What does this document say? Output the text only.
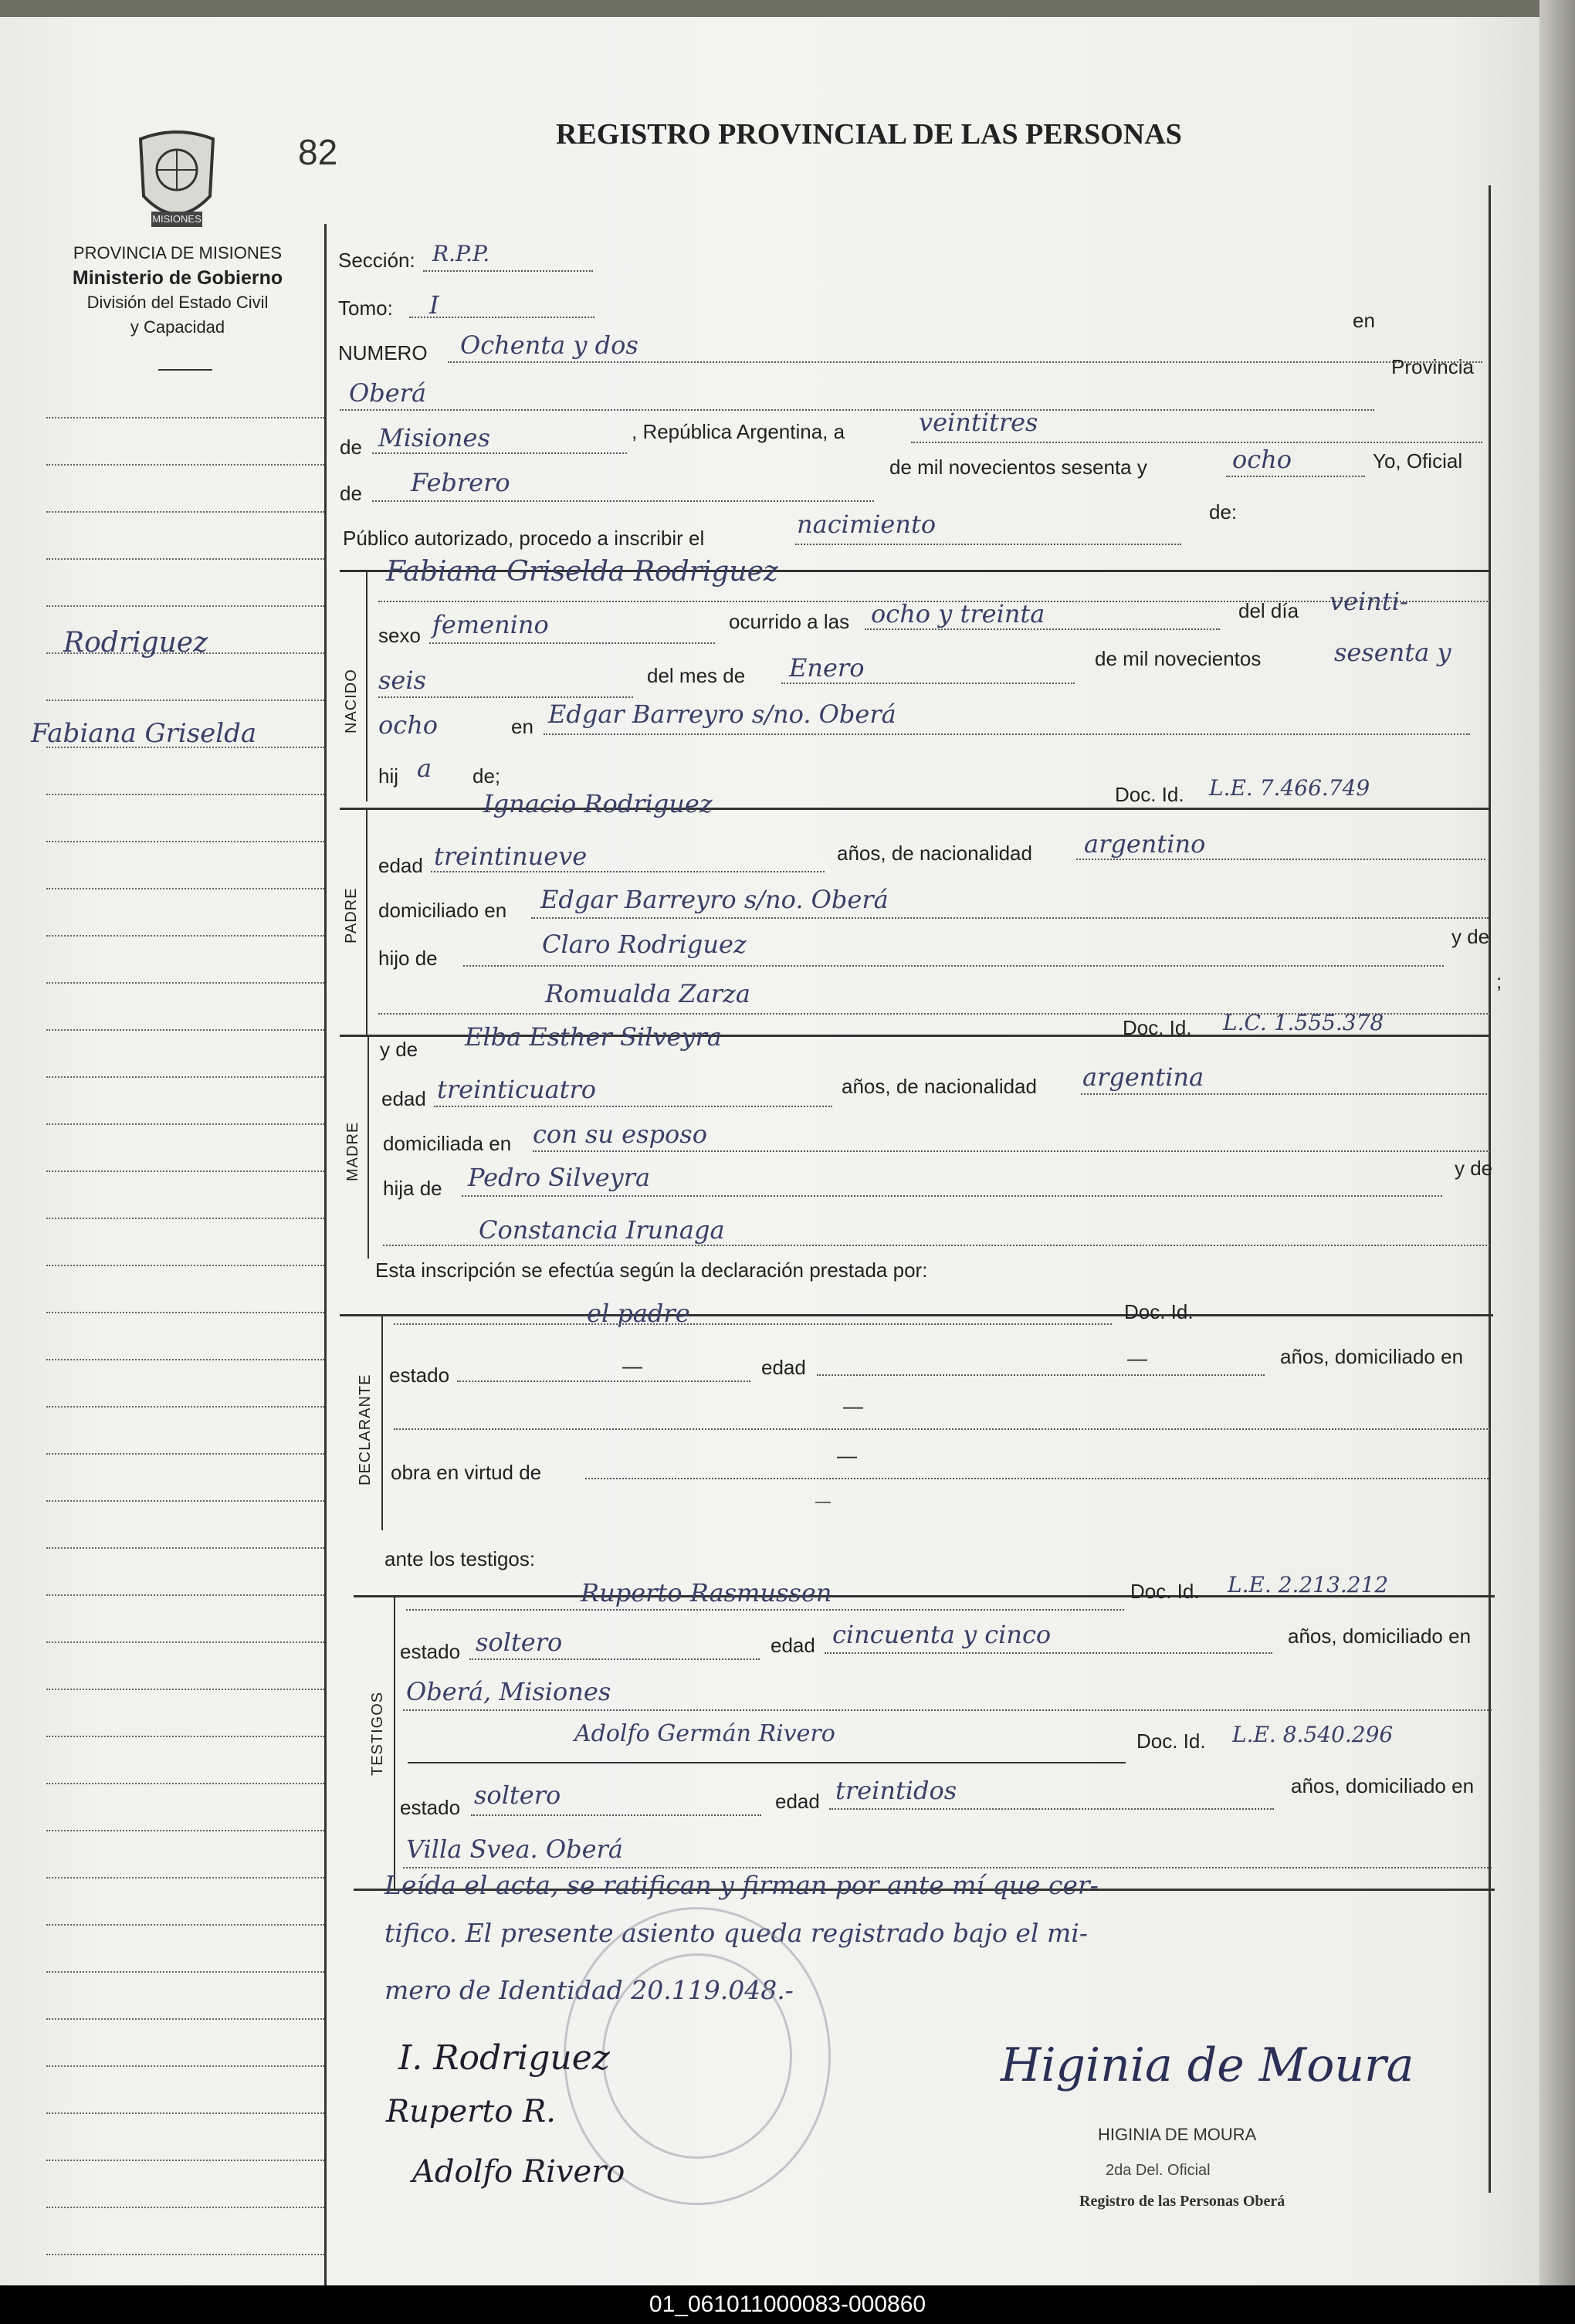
MISIONES
82	REGISTRO PROVINCIAL DE LAS PERSONAS
PROVINCIA DE MISIONES
Ministerio de Gobierno
División del Estado Civil
y Capacidad
Rodriguez
Fabiana Griselda
Sección: R.P.P.
Tomo: I
en
NUMERO Ochenta y dos
Provincia
Oberá
de Misiones	, República Argentina, a	veintitres
de Febrero
de mil novecientos sesenta y	ocho	Yo, Oficial
Público autorizado, procedo a inscribir el	nacimiento	de:
NACIDO
Fabiana Griselda Rodriguez
sexo femenino	ocurrido a las ocho y treinta	del día veinti-
seis	del mes de Enero	de mil novecientos	sesenta y
ocho	en Edgar Barreyro s/no. Oberá
hij a de;
PADRE
Ignacio Rodriguez	Doc. Id. L.E. 7.466.749
edad treintinueve	años, de nacionalidad argentino
domiciliado en Edgar Barreyro s/no. Oberá
hijo de	Claro Rodriguez	y de
Romualda Zarza	;
MADRE
y de Elba Esther Silveyra	Doc. Id. L.C. 1.555.378
edad treinticuatro	años, de nacionalidad argentina
domiciliada en con su esposo
hija de Pedro Silveyra	y de
Constancia Irunaga
Esta inscripción se efectúa según la declaración prestada por:
DECLARANTE
el padre	Doc. Id.
estado	—	edad	—	años, domiciliado en
—
obra en virtud de
—
—
ante los testigos:
TESTIGOS
Ruperto Rasmussen	Doc. Id. L.E. 2.213.212
estado soltero	edad cincuenta y cinco	años, domiciliado en
Oberá, Misiones
Adolfo Germán Rivero	Doc. Id. L.E. 8.540.296
estado soltero	edad treintidos	años, domiciliado en
Villa Svea. Oberá
Leída el acta, se ratifican y firman por ante mí que cer-
tifico. El presente asiento queda registrado bajo el mi-
mero de Identidad 20.119.048.-
I. Rodriguez
Ruperto R.
Adolfo Rivero
Higinia de Moura
HIGINIA DE MOURA
2da Del. Oficial
Registro de las Personas Oberá
01_061011000083-000860
